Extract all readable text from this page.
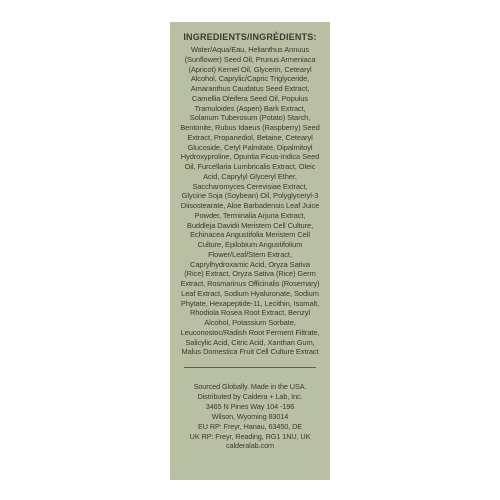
INGREDIENTS/INGRÉDIENTS:

Water/Aqua/Eau, Helianthus Annuus (Sunflower) Seed Oil, Prunus Armeniaca (Apricot) Kernel Oil, Glycerin, Cetearyl Alcohol, Caprylic/Capric Triglyceride, Amaranthus Caudatus Seed Extract, Camellia Oleifera Seed Oil, Populus Tramuloides (Aspen) Bark Extract, Solanum Tuberosum (Potato) Starch, Bentonite, Rubus Idaeus (Raspberry) Seed Extract, Propanediol, Betaine, Cetearyl Glucoside, Cetyl Palmitate, Dipalmitoyl Hydroxyproline, Opuntia Ficus-Indica Seed Oil, Furcellaria Lumbricalis Extract, Oleic Acid, Caprylyl Glyceryl Ether, Saccharomyces Cerevisiae Extract, Glycine Soja (Soybean) Oil, Polyglyceryl-3 Diisostearate, Aloe Barbadensis Leaf Juice Powder, Terminalia Arjuna Extract, Buddleja Davidii Meristem Cell Culture, Echinacea Angustifolia Meristem Cell Culture, Epilobium Angustifolium Flower/Leaf/Stem Extract, Caprylhydroxamic Acid, Oryza Sativa (Rice) Extract, Oryza Sativa (Rice) Germ Extract, Rosmarinus Officinalis (Rosemary) Leaf Extract, Sodium Hyaluronate, Sodium Phytate, Hexapeptide-11, Lecithin, Isomalt, Rhodiola Rosea Root Extract, Benzyl Alcohol, Potassium Sorbate, Leuconostoc/Radish Root Ferment Filtrate, Salicylic Acid, Citric Acid, Xanthan Gum, Malus Domestica Fruit Cell Culture Extract

Sourced Globally. Made in the USA.
Distributed by Caldera + Lab, Inc.
3465 N Pines Way 104 -196
Wilson, Wyoming 83014
EU RP: Freyr, Hanau, 63450, DE
UK RP: Freyr, Reading, RG1 1NU, UK
calderalab.com
